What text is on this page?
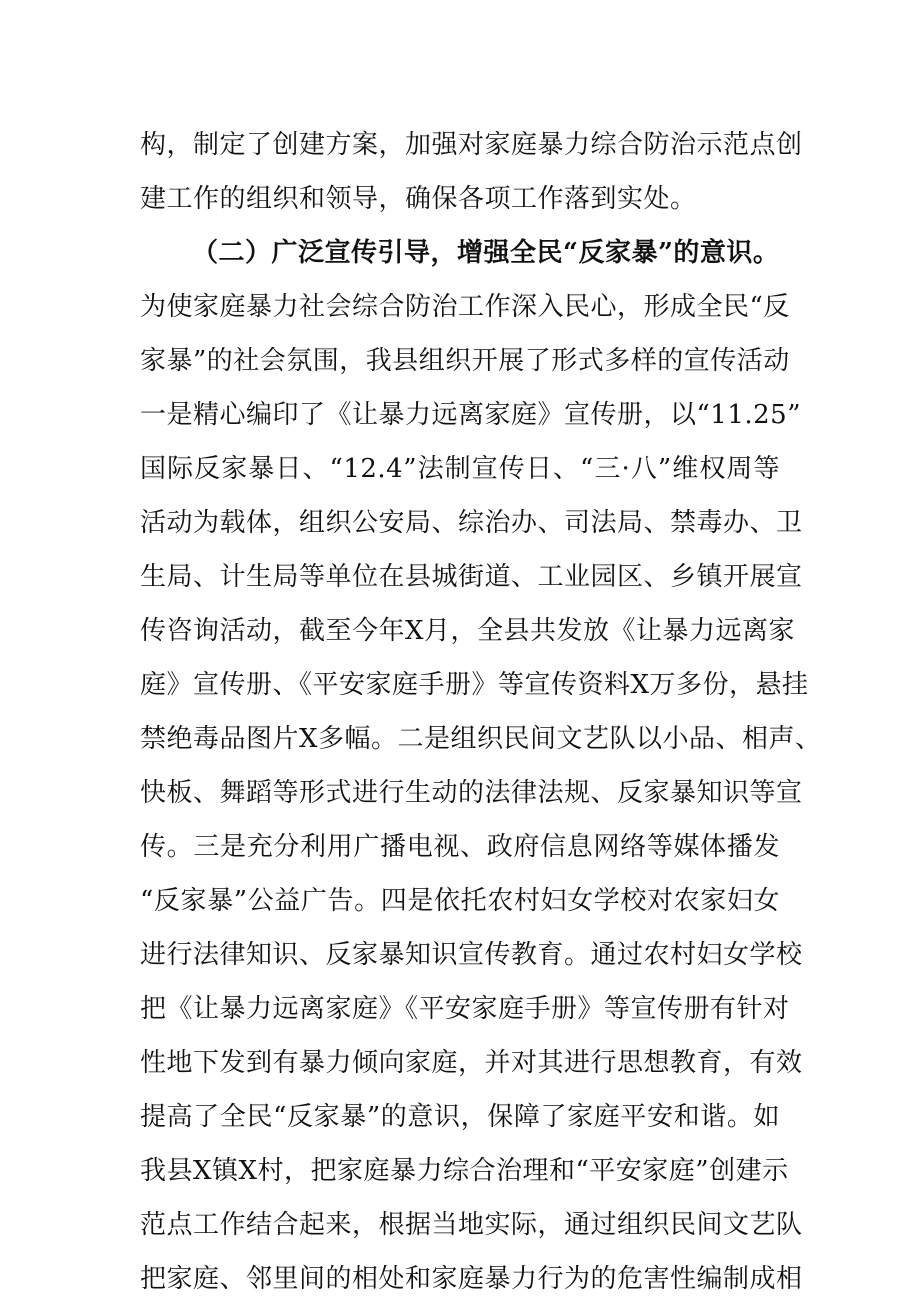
构，制定了创建方案，加强对家庭暴力综合防治示范点创
建工作的组织和领导，确保各项工作落到实处。
（二）广泛宣传引导，增强全民“反家暴”的意识。
为使家庭暴力社会综合防治工作深入民心，形成全民“反
家暴”的社会氛围，我县组织开展了形式多样的宣传活动
一是精心编印了《让暴力远离家庭》宣传册，以“11.25”
国际反家暴日、“12.4”法制宣传日、“三·八”维权周等
活动为载体，组织公安局、综治办、司法局、禁毒办、卫
生局、计生局等单位在县城街道、工业园区、乡镇开展宣
传咨询活动，截至今年X月，全县共发放《让暴力远离家
庭》宣传册、《平安家庭手册》等宣传资料X万多份，悬挂
禁绝毒品图片X多幅。二是组织民间文艺队以小品、相声、
快板、舞蹈等形式进行生动的法律法规、反家暴知识等宣
传。三是充分利用广播电视、政府信息网络等媒体播发
“反家暴”公益广告。四是依托农村妇女学校对农家妇女
进行法律知识、反家暴知识宣传教育。通过农村妇女学校
把《让暴力远离家庭》《平安家庭手册》等宣传册有针对
性地下发到有暴力倾向家庭，并对其进行思想教育，有效
提高了全民“反家暴”的意识，保障了家庭平安和谐。如
我县X镇X村，把家庭暴力综合治理和“平安家庭”创建示
范点工作结合起来，根据当地实际，通过组织民间文艺队
把家庭、邻里间的相处和家庭暴力行为的危害性编制成相
